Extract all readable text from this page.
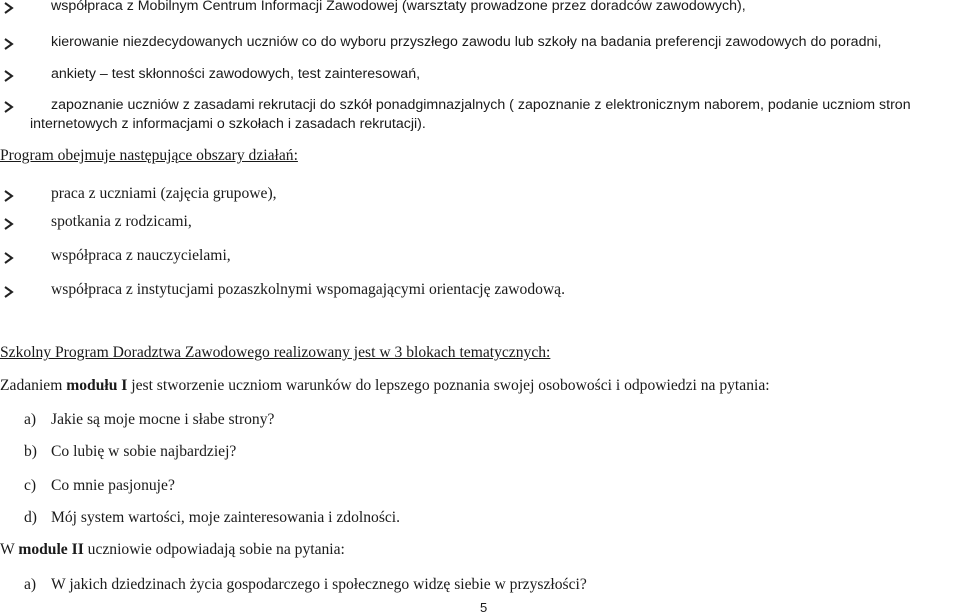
współpraca z Mobilnym Centrum Informacji Zawodowej (warsztaty prowadzone przez doradców zawodowych),
kierowanie niezdecydowanych uczniów co do wyboru przyszłego zawodu lub szkoły na badania preferencji zawodowych do poradni,
ankiety – test skłonności zawodowych, test zainteresowań,
zapoznanie uczniów z zasadami rekrutacji do szkół ponadgimnazjalnych ( zapoznanie z elektronicznym naborem, podanie uczniom stron
internetowych z informacjami o szkołach i zasadach rekrutacji).
Program obejmuje następujące obszary działań:
praca z uczniami (zajęcia grupowe),
spotkania z rodzicami,
współpraca z nauczycielami,
współpraca z instytucjami pozaszkolnymi wspomagającymi orientację zawodową.
Szkolny Program Doradztwa Zawodowego realizowany jest w 3 blokach tematycznych:
Zadaniem modułu I jest stworzenie uczniom warunków do lepszego poznania swojej osobowości i odpowiedzi na pytania:
a) Jakie są moje mocne i słabe strony?
b) Co lubię w sobie najbardziej?
c) Co mnie pasjonuje?
d) Mój system wartości, moje zainteresowania i zdolności.
W module II uczniowie odpowiadają sobie na pytania:
a) W jakich dziedzinach życia gospodarczego i społecznego widzę siebie w przyszłości?
5
